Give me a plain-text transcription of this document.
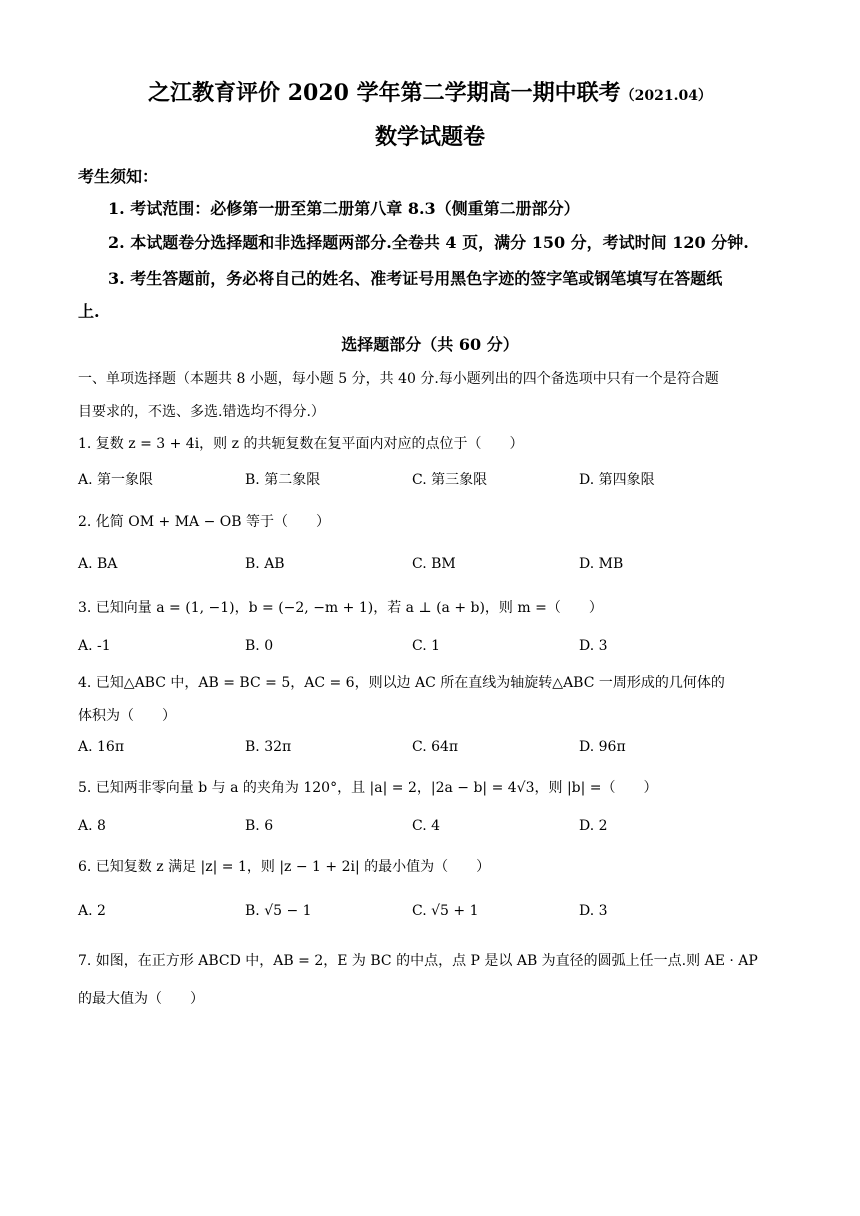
之江教育评价 2020 学年第二学期高一期中联考（2021.04）
数学试题卷
考生须知：
1. 考试范围：必修第一册至第二册第八章 8.3（侧重第二册部分）
2. 本试题卷分选择题和非选择题两部分.全卷共 4 页，满分 150 分，考试时间 120 分钟.
3. 考生答题前，务必将自己的姓名、准考证号用黑色字迹的签字笔或钢笔填写在答题纸
上.
选择题部分（共 60 分）
一、单项选择题（本题共 8 小题，每小题 5 分，共 40 分.每小题列出的四个备选项中只有一个是符合题
目要求的，不选、多选.错选均不得分.）
1. 复数 z = 3 + 4i，则 z 的共轭复数在复平面内对应的点位于（　　）
A. 第一象限	B. 第二象限	C. 第三象限	D. 第四象限
2. 化简 OM + MA − OB 等于（　　）
A. BA	B. AB	C. BM	D. MB
3. 已知向量 a = (1, −1)，b = (−2, −m + 1)，若 a ⊥ (a + b)，则 m =（　　）
A. -1	B. 0	C. 1	D. 3
4. 已知△ABC 中，AB = BC = 5，AC = 6，则以边 AC 所在直线为轴旋转△ABC 一周形成的几何体的
体积为（　　）
A. 16π	B. 32π	C. 64π	D. 96π
5. 已知两非零向量 b 与 a 的夹角为 120°，且 |a| = 2，|2a − b| = 4√3，则 |b| =（　　）
A. 8	B. 6	C. 4	D. 2
6. 已知复数 z 满足 |z| = 1，则 |z − 1 + 2i| 的最小值为（　　）
A. 2	B. √5 − 1	C. √5 + 1	D. 3
7. 如图，在正方形 ABCD 中，AB = 2，E 为 BC 的中点，点 P 是以 AB 为直径的圆弧上任一点.则 AE · AP
的最大值为（　　）
